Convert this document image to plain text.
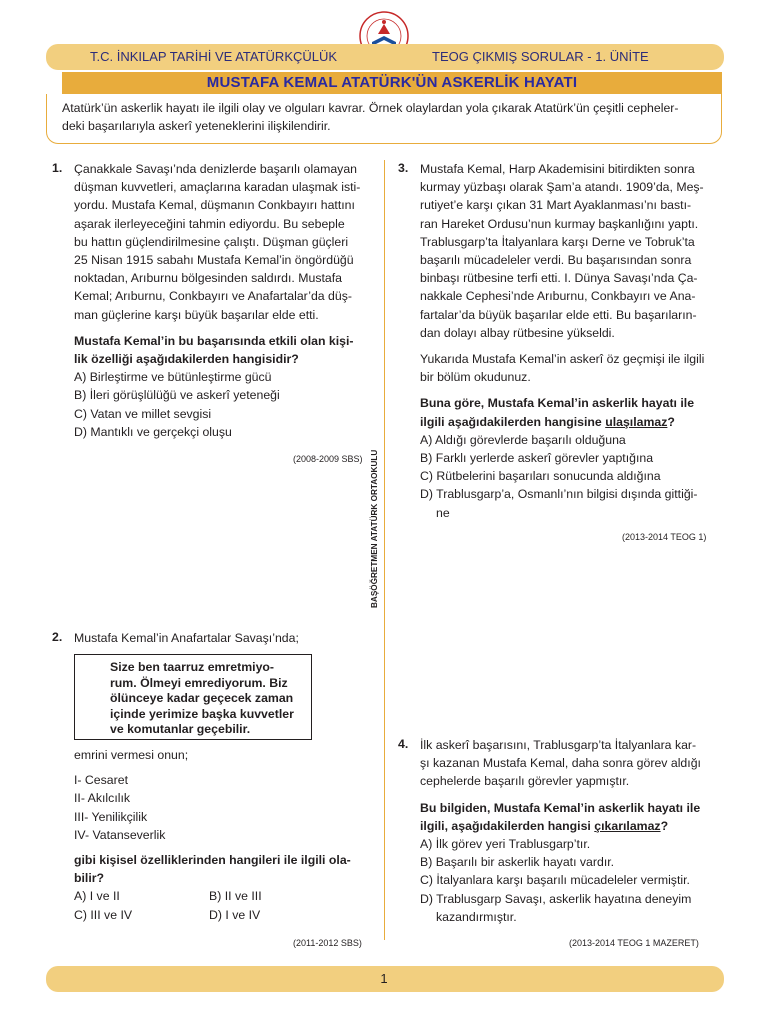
T.C. İNKILAP TARİHİ VE ATATÜRKÇÜLÜK	TEOG ÇIKMIŞ SORULAR - 1. ÜNİTE
MUSTAFA KEMAL ATATÜRK'ÜN ASKERLİK HAYATI
Atatürk’ün askerlik hayatı ile ilgili olay ve olguları kavrar. Örnek olaylardan yola çıkarak Atatürk’ün çeşitli cepheler-
deki başarılarıyla askerî yeteneklerini ilişkilendirir.
BAŞÖĞRETMEN ATATÜRK ORTAOKULU
1. Çanakkale Savaşı’nda denizlerde başarılı olamayan
düşman kuvvetleri, amaçlarına karadan ulaşmak isti-
yordu. Mustafa Kemal, düşmanın Conkbayırı hattını
aşarak ilerleyeceğini tahmin ediyordu. Bu sebeple
bu hattın güçlendirilmesine çalıştı. Düşman güçleri
25 Nisan 1915 sabahı Mustafa Kemal’in öngördüğü
noktadan, Arıburnu bölgesinden saldırdı. Mustafa
Kemal; Arıburnu, Conkbayırı ve Anafartalar’da düş-
man güçlerine karşı büyük başarılar elde etti.
Mustafa Kemal’in bu başarısında etkili olan kişi-
lik özelliği aşağıdakilerden hangisidir?
A) Birleştirme ve bütünleştirme gücü
B) İleri görüşlülüğü ve askerî yeteneği
C) Vatan ve millet sevgisi
D) Mantıklı ve gerçekçi oluşu
(2008-2009 SBS)
2. Mustafa Kemal’in Anafartalar Savaşı’nda;
Size ben taarruz emretmiyo-
rum. Ölmeyi emrediyorum. Biz
ölünceye kadar geçecek zaman
içinde yerimize başka kuvvetler
ve komutanlar geçebilir.
emrini vermesi onun;
I- Cesaret
II- Akılcılık
III- Yenilikçilik
IV- Vatanseverlik
gibi kişisel özelliklerinden hangileri ile ilgili ola-
bilir?
A) I ve II	B) II ve III
C) III ve IV	D) I ve IV
(2011-2012 SBS)
3. Mustafa Kemal, Harp Akademisini bitirdikten sonra
kurmay yüzbaşı olarak Şam’a atandı. 1909’da, Meş-
rutiyet’e karşı çıkan 31 Mart Ayaklanması’nı bastı-
ran Hareket Ordusu’nun kurmay başkanlığını yaptı.
Trablusgarp’ta İtalyanlara karşı Derne ve Tobruk’ta
başarılı mücadeleler verdi. Bu başarısından sonra
binbaşı rütbesine terfi etti. I. Dünya Savaşı’nda Ça-
nakkale Cephesi’nde Arıburnu, Conkbayırı ve Ana-
fartalar’da büyük başarılar elde etti. Bu başarıların-
dan dolayı albay rütbesine yükseldi.
Yukarıda Mustafa Kemal’in askerî öz geçmişi ile ilgili
bir bölüm okudunuz.
Buna göre, Mustafa Kemal’in askerlik hayatı ile
ilgili aşağıdakilerden hangisine ulaşılamaz?
A) Aldığı görevlerde başarılı olduğuna
B) Farklı yerlerde askerî görevler yaptığına
C) Rütbelerini başarıları sonucunda aldığına
D) Trablusgarp’a, Osmanlı’nın bilgisi dışında gittiği-
ne
(2013-2014 TEOG 1)
4. İlk askerî başarısını, Trablusgarp’ta İtalyanlara kar-
şı kazanan Mustafa Kemal, daha sonra görev aldığı
cephelerde başarılı görevler yapmıştır.
Bu bilgiden, Mustafa Kemal’in askerlik hayatı ile
ilgili, aşağıdakilerden hangisi çıkarılamaz?
A) İlk görev yeri Trablusgarp’tır.
B) Başarılı bir askerlik hayatı vardır.
C) İtalyanlara karşı başarılı mücadeleler vermiştir.
D) Trablusgarp Savaşı, askerlik hayatına deneyim
kazandırmıştır.
(2013-2014 TEOG 1 MAZERET)
1
